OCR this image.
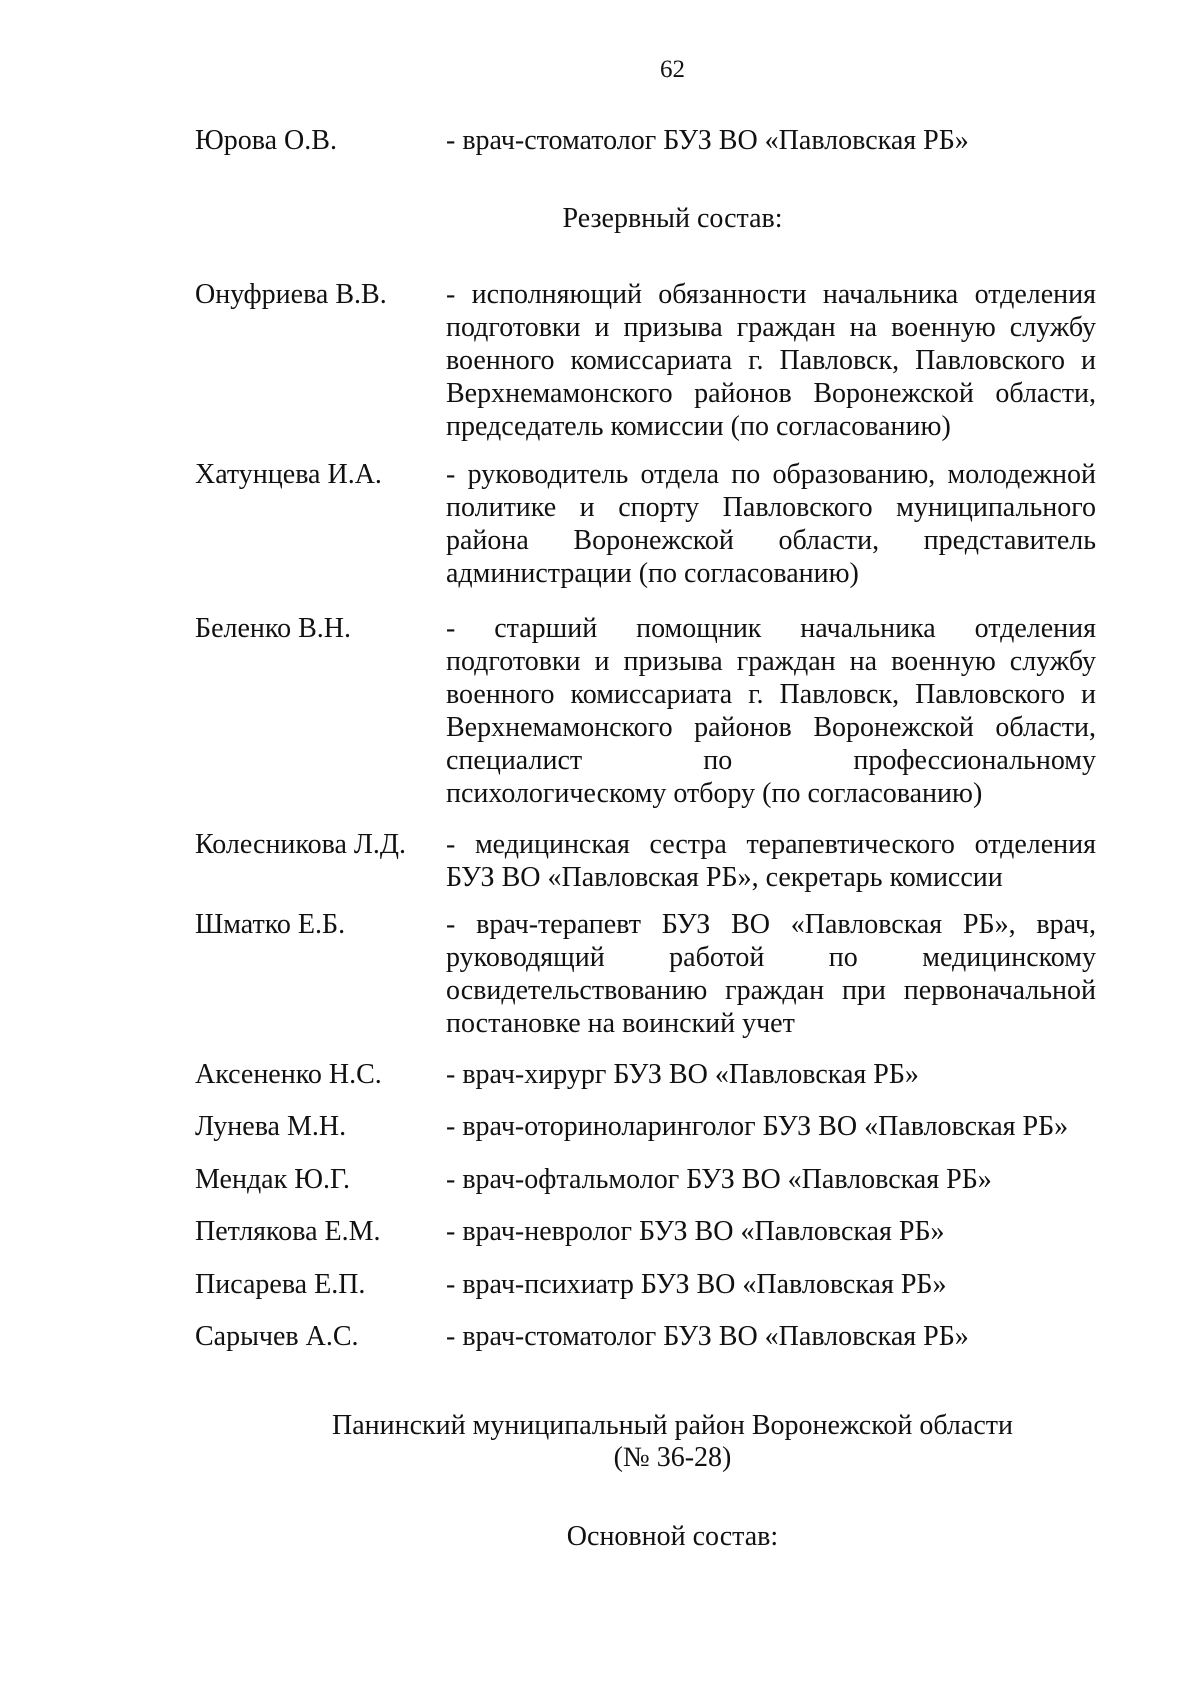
62
Юрова О.В.	- врач-стоматолог БУЗ ВО «Павловская РБ»
Резервный состав:
Онуфриева В.В. - исполняющий обязанности начальника отделения
подготовки и призыва граждан на военную службу
военного комиссариата г. Павловск, Павловского и
Верхнемамонского районов Воронежской области,
председатель комиссии (по согласованию)
Хатунцева И.А. - руководитель отдела по образованию, молодежной
политике и спорту Павловского муниципального
района Воронежской области, представитель
администрации (по согласованию)
Беленко В.Н.	- старший помощник начальника отделения
подготовки и призыва граждан на военную службу
военного комиссариата г. Павловск, Павловского и
Верхнемамонского районов Воронежской области,
специалист по профессиональному
психологическому отбору (по согласованию)
Колесникова Л.Д. - медицинская сестра терапевтического отделения
БУЗ ВО «Павловская РБ», секретарь комиссии
Шматко Е.Б.	- врач-терапевт БУЗ ВО «Павловская РБ», врач,
руководящий работой по медицинскому
освидетельствованию граждан при первоначальной
постановке на воинский учет
Аксененко Н.С. - врач-хирург БУЗ ВО «Павловская РБ»
Лунева М.Н.	- врач-оториноларинголог БУЗ ВО «Павловская РБ»
Мендак Ю.Г.	- врач-офтальмолог БУЗ ВО «Павловская РБ»
Петлякова Е.М. - врач-невролог БУЗ ВО «Павловская РБ»
Писарева Е.П.	- врач-психиатр БУЗ ВО «Павловская РБ»
Сарычев А.С.	- врач-стоматолог БУЗ ВО «Павловская РБ»
Панинский муниципальный район Воронежской области
(№ 36-28)
Основной состав:
